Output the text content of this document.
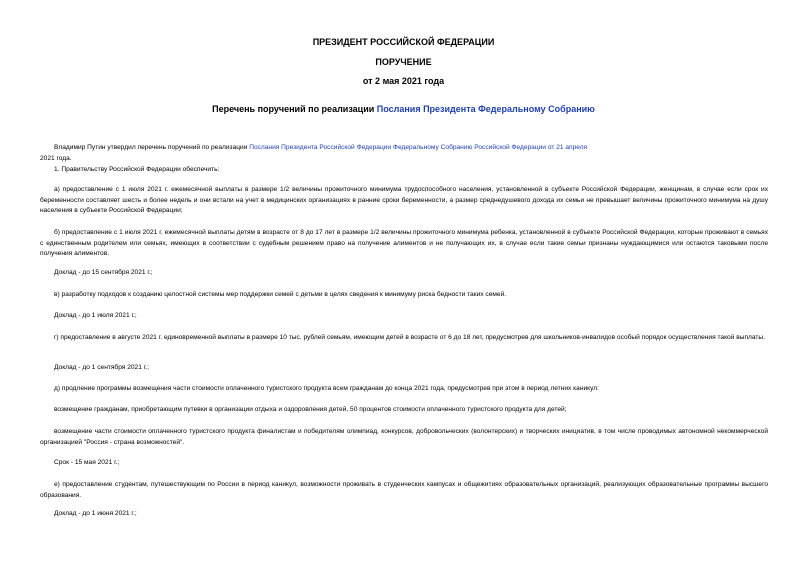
ПРЕЗИДЕНТ РОССИЙСКОЙ ФЕДЕРАЦИИ
ПОРУЧЕНИЕ
от 2 мая 2021 года
Перечень поручений по реализации Послания Президента Федеральному Собранию

Владимир Путин утвердил перечень поручений по реализации Послания Президента Российской Федерации Федеральному Собранию Российской Федерации от 21 апреля
2021 года.

1. Правительству Российской Федерации обеспечить:

а) предоставление с 1 июля 2021 г. ежемесячной выплаты в размере 1/2 величины прожиточного минимума трудоспособного населения, установленной в субъекте Российской Федерации, женщинам, в случае если срок их беременности составляет шесть и более недель и они встали на учет в медицинских организациях в ранние сроки беременности, а размер среднедушевого дохода их семьи не превышает величины прожиточного минимума на душу населения в субъекте Российской Федерации;

б) предоставление с 1 июля 2021 г. ежемесячной выплаты детям в возрасте от 8 до 17 лет в размере 1/2 величины прожиточного минимума ребенка, установленной в субъекте Российской Федерации, которые проживают в семьях с единственным родителем или семьях, имеющих в соответствии с судебным решением право на получение алиментов и не получающих их, в случае если такие семьи признаны нуждающимися или остаются таковыми после получения алиментов.

Доклад - до 15 сентября 2021 г.;

в) разработку подходов к созданию целостной системы мер поддержки семей с детьми в целях сведения к минимуму риска бедности таких семей.

Доклад - до 1 июля 2021 г.;

г) предоставление в августе 2021 г. единовременной выплаты в размере 10 тыс. рублей семьям, имеющим детей в возрасте от 6 до 18 лет, предусмотрев для школьников-инвалидов особый порядок осуществления такой выплаты.

Доклад - до 1 сентября 2021 г.;

д) продление программы возмещения части стоимости оплаченного туристского продукта всем гражданам до конца 2021 года, предусмотрев при этом в период летних каникул:

возмещение гражданам, приобретающим путевки в организации отдыха и оздоровления детей, 50 процентов стоимости оплаченного туристского продукта для детей;

возмещение части стоимости оплаченного туристского продукта финалистам и победителям олимпиад, конкурсов, добровольческих (волонтерских) и творческих инициатив, в том числе проводимых автономной некоммерческой организацией "Россия - страна возможностей".

Срок - 15 мая 2021 г.;

е) предоставление студентам, путешествующим по России в период каникул, возможности проживать в студенческих кампусах и общежитиях образовательных организаций, реализующих образовательные программы высшего образования.

Доклад - до 1 июня 2021 г.;
